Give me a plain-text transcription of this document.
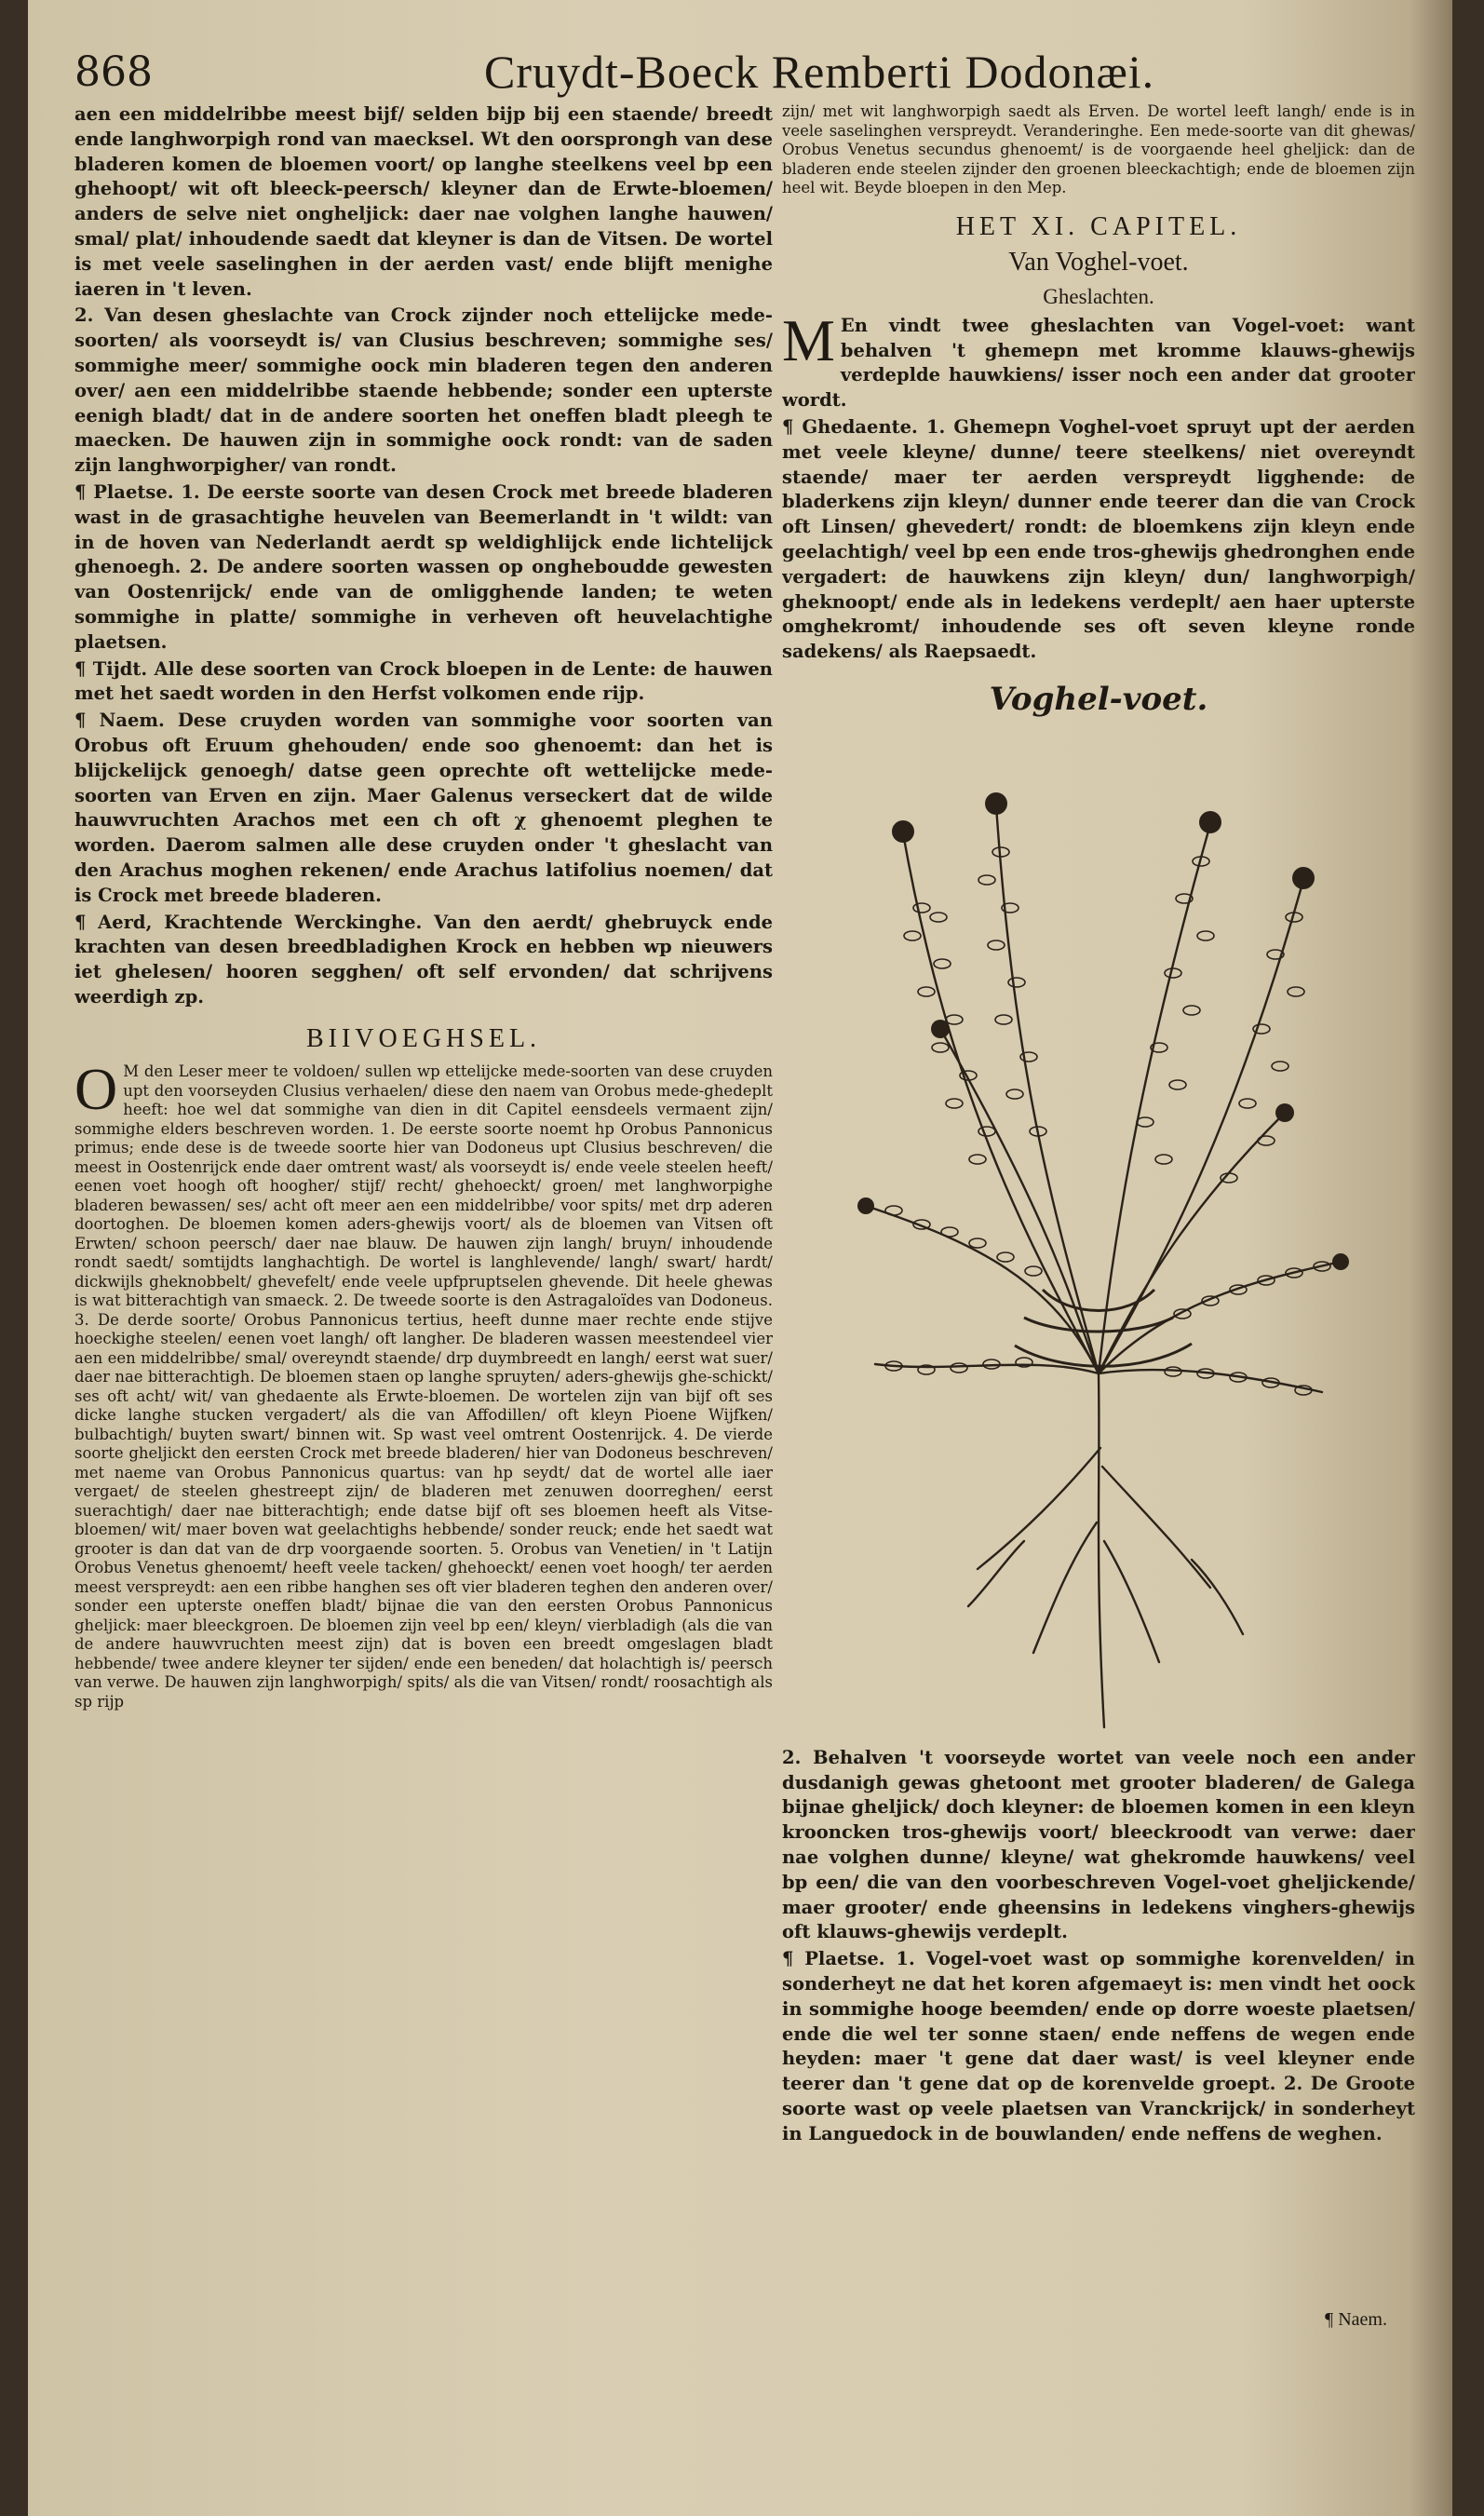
868	Cruydt-Boeck Remberti Dodonæi.

aen een middelribbe meest bijf/ selden bijp bij een staende/ breedt ende langhworpigh rond van maecksel. Wt den oorsprongh van dese bladeren komen de bloemen voort/ op langhe steelkens veel bp een ghehoopt/ wit oft bleeck-peersch/ kleyner dan de Erwte-bloemen/ anders de selve niet ongheljick: daer nae volghen langhe hauwen/ smal/ plat/ inhoudende saedt dat kleyner is dan de Vitsen. De wortel is met veele saselinghen in der aerden vast/ ende blijft menighe iaeren in 't leven.

2. Van desen gheslachte van Crock zijnder noch ettelijcke mede-soorten/ als voorseydt is/ van Clusius beschreven; sommighe ses/ sommighe meer/ sommighe oock min bladeren tegen den anderen over/ aen een middelribbe staende hebbende; sonder een upterste eenigh bladt/ dat in de andere soorten het oneffen bladt pleegh te maecken. De hauwen zijn in sommighe oock rondt: van de saden zijn langhworpigher/ van rondt.

¶ Plaetse. 1. De eerste soorte van desen Crock met breede bladeren wast in de grasachtighe heuvelen van Beemerlandt in 't wildt: van in de hoven van Nederlandt aerdt sp weldighlijck ende lichtelijck ghenoegh. 2. De andere soorten wassen op ongheboudde gewesten van Oostenrijck/ ende van de omligghende landen; te weten sommighe in platte/ sommighe in verheven oft heuvelachtighe plaetsen.

¶ Tijdt. Alle dese soorten van Crock bloepen in de Lente: de hauwen met het saedt worden in den Herfst volkomen ende rijp.

¶ Naem. Dese cruyden worden van sommighe voor soorten van Orobus oft Eruum ghehouden/ ende soo ghenoemt: dan het is blijckelijck genoegh/ datse geen oprechte oft wettelijcke mede-soorten van Erven en zijn. Maer Galenus verseckert dat de wilde hauwvruchten Arachos met een ch oft χ ghenoemt pleghen te worden. Daerom salmen alle dese cruyden onder 't gheslacht van den Arachus moghen rekenen/ ende Arachus latifolius noemen/ dat is Crock met breede bladeren.

¶ Aerd, Krachtende Werckinghe. Van den aerdt/ ghebruyck ende krachten van desen breedbladighen Krock en hebben wp nieuwers iet ghelesen/ hooren segghen/ oft self ervonden/ dat schrijvens weerdigh zp.

BIIVOEGHSEL.

O M den Leser meer te voldoen/ sullen wp ettelijcke mede-soorten van dese cruyden upt den voorseyden Clusius verhaelen/ diese den naem van Orobus mede-ghedeplt heeft: hoe wel dat sommighe van dien in dit Capitel eensdeels vermaent zijn/ sommighe elders beschreven worden. 1. De eerste soorte noemt hp Orobus Pannonicus primus; ende dese is de tweede soorte hier van Dodoneus upt Clusius beschreven/ die meest in Oostenrijck ende daer omtrent wast/ als voorseydt is/ ende veele steelen heeft/ eenen voet hoogh oft hoogher/ stijf/ recht/ ghehoeckt/ groen/ met langhworpighe bladeren bewassen/ ses/ acht oft meer aen een middelribbe/ voor spits/ met drp aderen doortoghen. De bloemen komen aders-ghewijs voort/ als de bloemen van Vitsen oft Erwten/ schoon peersch/ daer nae blauw. De hauwen zijn langh/ bruyn/ inhoudende rondt saedt/ somtijdts langhachtigh. De wortel is langhlevende/ langh/ swart/ hardt/ dickwijls gheknobbelt/ ghevefelt/ ende veele upfpruptselen ghevende. Dit heele ghewas is wat bitterachtigh van smaeck. 2. De tweede soorte is den Astragaloïdes van Dodoneus. 3. De derde soorte/ Orobus Pannonicus tertius, heeft dunne maer rechte ende stijve hoeckighe steelen/ eenen voet langh/ oft langher. De bladeren wassen meestendeel vier aen een middelribbe/ smal/ overeyndt staende/ drp duymbreedt en langh/ eerst wat suer/ daer nae bitterachtigh. De bloemen staen op langhe spruyten/ aders-ghewijs ghe-schickt/ ses oft acht/ wit/ van ghedaente als Erwte-bloemen. De wortelen zijn van bijf oft ses dicke langhe stucken vergadert/ als die van Affodillen/ oft kleyn Pioene Wijfken/ bulbachtigh/ buyten swart/ binnen wit. Sp wast veel omtrent Oostenrijck. 4. De vierde soorte gheljickt den eersten Crock met breede bladeren/ hier van Dodoneus beschreven/ met naeme van Orobus Pannonicus quartus: van hp seydt/ dat de wortel alle iaer vergaet/ de steelen ghestreept zijn/ de bladeren met zenuwen doorreghen/ eerst suerachtigh/ daer nae bitterachtigh; ende datse bijf oft ses bloemen heeft als Vitse-bloemen/ wit/ maer boven wat geelachtighs hebbende/ sonder reuck; ende het saedt wat grooter is dan dat van de drp voorgaende soorten. 5. Orobus van Venetien/ in 't Latijn Orobus Venetus ghenoemt/ heeft veele tacken/ ghehoeckt/ eenen voet hoogh/ ter aerden meest verspreydt: aen een ribbe hanghen ses oft vier bladeren teghen den anderen over/ sonder een upterste oneffen bladt/ bijnae die van den eersten Orobus Pannonicus gheljick: maer bleeckgroen. De bloemen zijn veel bp een/ kleyn/ vierbladigh (als die van de andere hauwvruchten meest zijn) dat is boven een breedt omgeslagen bladt hebbende/ twee andere kleyner ter sijden/ ende een beneden/ dat holachtigh is/ peersch van verwe. De hauwen zijn langhworpigh/ spits/ als die van Vitsen/ rondt/ roosachtigh als sp rijp

zijn/ met wit langhworpigh saedt als Erven. De wortel leeft langh/ ende is in veele saselinghen verspreydt. Veranderinghe. Een mede-soorte van dit ghewas/ Orobus Venetus secundus ghenoemt/ is de voorgaende heel gheljick: dan de bladeren ende steelen zijnder den groenen bleeckachtigh; ende de bloemen zijn heel wit. Beyde bloepen in den Mep.

HET XI. CAPITEL.
Van Voghel-voet.
Gheslachten.

M En vindt twee gheslachten van Vogel-voet: want behalven 't ghemepn met kromme klauws-ghewijs verdeplde hauwkiens/ isser noch een ander dat grooter wordt.

¶ Ghedaente. 1. Ghemepn Voghel-voet spruyt upt der aerden met veele kleyne/ dunne/ teere steelkens/ niet overeyndt staende/ maer ter aerden verspreydt ligghende: de bladerkens zijn kleyn/ dunner ende teerer dan die van Crock oft Linsen/ ghevedert/ rondt: de bloemkens zijn kleyn ende geelachtigh/ veel bp een ende tros-ghewijs ghedronghen ende vergadert: de hauwkens zijn kleyn/ dun/ langhworpigh/ gheknoopt/ ende als in ledekens verdeplt/ aen haer upterste omghekromt/ inhoudende ses oft seven kleyne ronde sadekens/ als Raepsaedt.

Voghel-voet.

2. Behalven 't voorseyde wortet van veele noch een ander dusdanigh gewas ghetoont met grooter bladeren/ de Galega bijnae gheljick/ doch kleyner: de bloemen komen in een kleyn krooncken tros-ghewijs voort/ bleeckroodt van verwe: daer nae volghen dunne/ kleyne/ wat ghekromde hauwkens/ veel bp een/ die van den voorbeschreven Vogel-voet gheljickende/ maer grooter/ ende gheensins in ledekens vinghers-ghewijs oft klauws-ghewijs verdeplt.

¶ Plaetse. 1. Vogel-voet wast op sommighe korenvelden/ in sonderheyt ne dat het koren afgemaeyt is: men vindt het oock in sommighe hooge beemden/ ende op dorre woeste plaetsen/ ende die wel ter sonne staen/ ende neffens de wegen ende heyden: maer 't gene dat daer wast/ is veel kleyner ende teerer dan 't gene dat op de korenvelde groept. 2. De Groote soorte wast op veele plaetsen van Vranckrijck/ in sonderheyt in Languedock in de bouwlanden/ ende neffens de weghen.

¶ Naem.
